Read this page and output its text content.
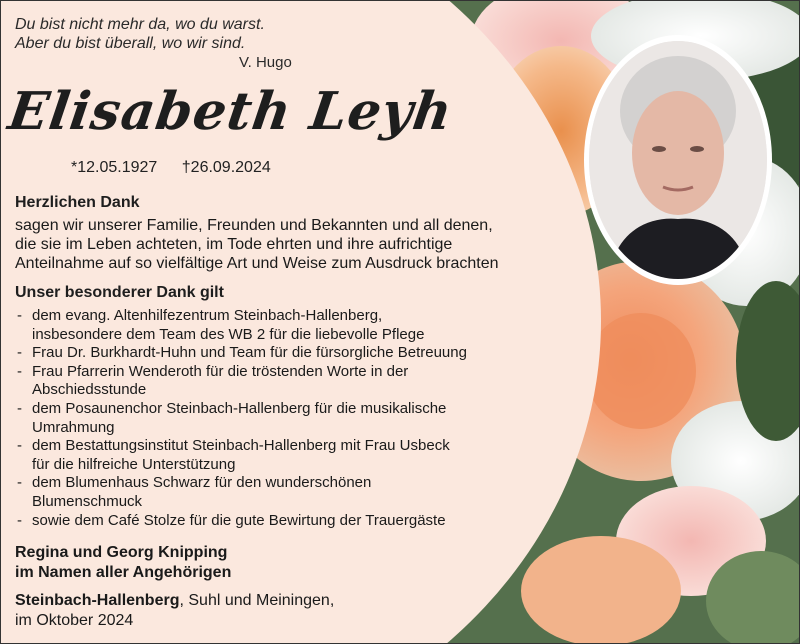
Du bist nicht mehr da, wo du warst.
Aber du bist überall, wo wir sind.
V. Hugo
Elisabeth Leyh
*12.05.1927 †26.09.2024
Herzlichen Dank
sagen wir unserer Familie, Freunden und Bekannten und all denen,
die sie im Leben achteten, im Tode ehrten und ihre aufrichtige
Anteilnahme auf so vielfältige Art und Weise zum Ausdruck brachten
Unser besonderer Dank gilt
- dem evang. Altenhilfezentrum Steinbach-Hallenberg,
insbesondere dem Team des WB 2 für die liebevolle Pflege
- Frau Dr. Burkhardt-Huhn und Team für die fürsorgliche Betreuung
- Frau Pfarrerin Wenderoth für die tröstenden Worte in der
Abschiedsstunde
- dem Posaunenchor Steinbach-Hallenberg für die musikalische
Umrahmung
- dem Bestattungsinstitut Steinbach-Hallenberg mit Frau Usbeck
für die hilfreiche Unterstützung
- dem Blumenhaus Schwarz für den wunderschönen
Blumenschmuck
- sowie dem Café Stolze für die gute Bewirtung der Trauergäste
Regina und Georg Knipping
im Namen aller Angehörigen
Steinbach-Hallenberg, Suhl und Meiningen,
im Oktober 2024
